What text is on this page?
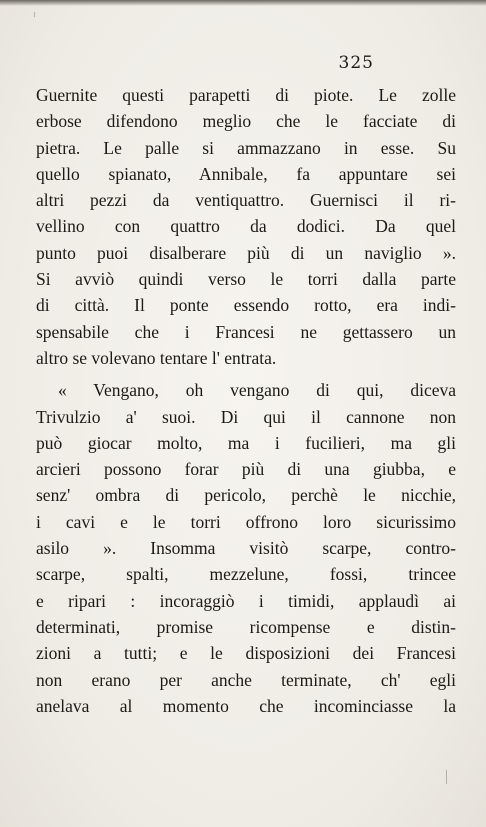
325
Guernite questi parapetti di piote. Le zolle
erbose difendono meglio che le facciate di
pietra. Le palle si ammazzano in esse. Su
quello spianato, Annibale, fa appuntare sei
altri pezzi da ventiquattro. Guernisci il ri-
vellino con quattro da dodici. Da quel
punto puoi disalberare più di un naviglio ».
Si avviò quindi verso le torri dalla parte
di città. Il ponte essendo rotto, era indi-
spensabile che i Francesi ne gettassero un
altro se volevano tentare l' entrata.
« Vengano, oh vengano di qui, diceva
Trivulzio a' suoi. Di qui il cannone non
può giocar molto, ma i fucilieri, ma gli
arcieri possono forar più di una giubba, e
senz' ombra di pericolo, perchè le nicchie,
i cavi e le torri offrono loro sicurissimo
asilo ». Insomma visitò scarpe, contro-
scarpe, spalti, mezzelune, fossi, trincee
e ripari : incoraggiò i timidi, applaudì ai
determinati, promise ricompense e distin-
zioni a tutti; e le disposizioni dei Francesi
non erano per anche terminate, ch' egli
anelava al momento che incominciasse la
